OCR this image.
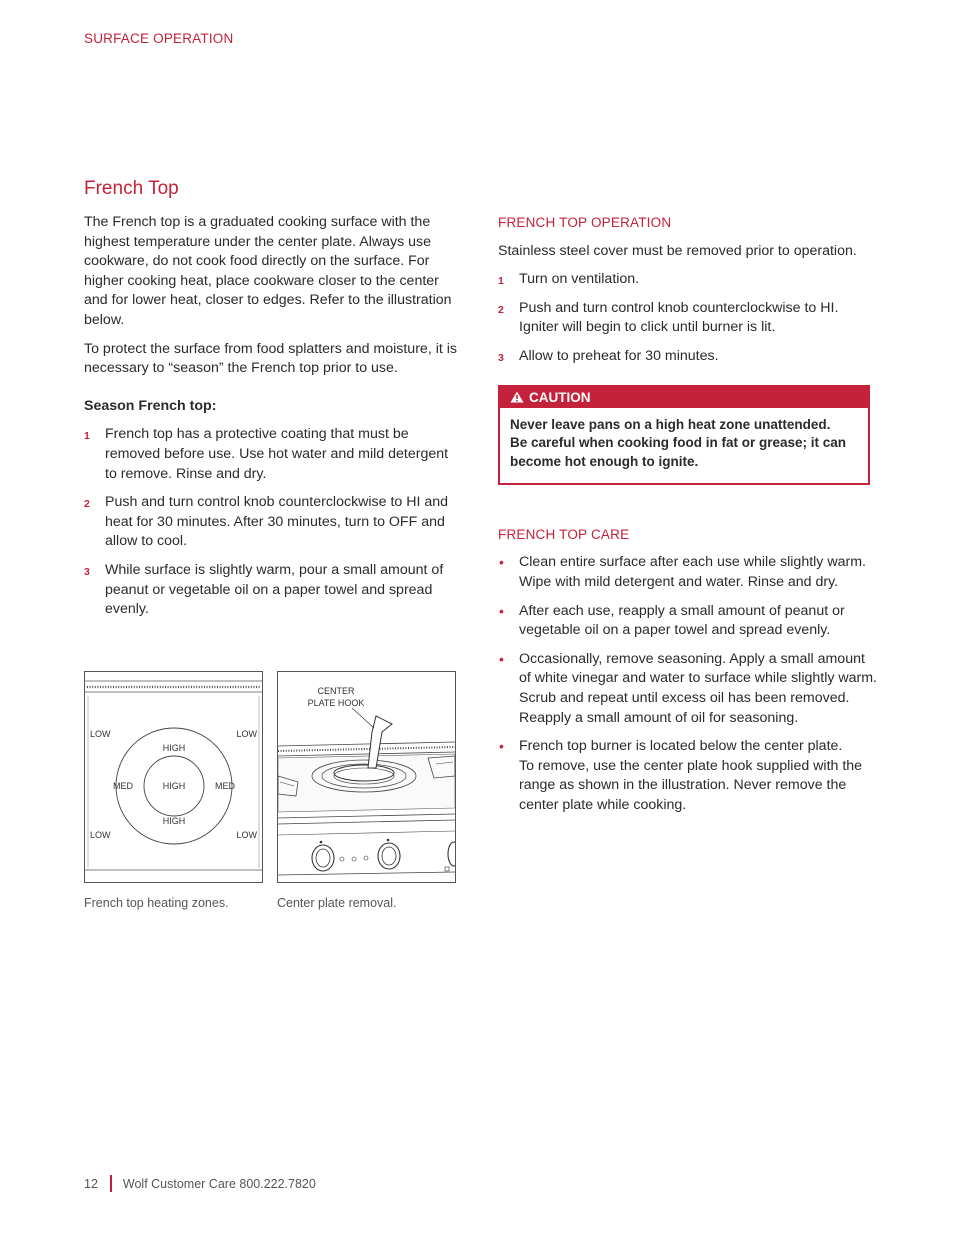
SURFACE OPERATION
French Top

The French top is a graduated cooking surface with the highest temperature under the center plate. Always use cookware, do not cook food directly on the surface. For higher cooking heat, place cookware closer to the center and for lower heat, closer to edges. Refer to the illustration below.

To protect the surface from food splatters and moisture, it is necessary to “season” the French top prior to use.

Season French top:

1 French top has a protective coating that must be removed before use. Use hot water and mild detergent to remove. Rinse and dry.
2 Push and turn control knob counterclockwise to HI and heat for 30 minutes. After 30 minutes, turn to OFF and allow to cool.
3 While surface is slightly warm, pour a small amount of peanut or vegetable oil on a paper towel and spread evenly.
FRENCH TOP OPERATION

Stainless steel cover must be removed prior to operation.

1 Turn on ventilation.
2 Push and turn control knob counterclockwise to HI.
Igniter will begin to click until burner is lit.
3 Allow to preheat for 30 minutes.
CAUTION
Never leave pans on a high heat zone unattended.
Be careful when cooking food in fat or grease; it can become hot enough to ignite.
FRENCH TOP CARE
• Clean entire surface after each use while slightly warm. Wipe with mild detergent and water. Rinse and dry.
• After each use, reapply a small amount of peanut or vegetable oil on a paper towel and spread evenly.
• Occasionally, remove seasoning. Apply a small amount of white vinegar and water to surface while slightly warm. Scrub and repeat until excess oil has been removed. Reapply a small amount of oil for seasoning.
• French top burner is located below the center plate.
To remove, use the center plate hook supplied with the range as shown in the illustration. Never remove the center plate while cooking.
LOW	LOW
LOW	LOW
MED	MED
HIGH
HIGH
HIGH
French top heating zones.
CENTER
PLATE HOOK
Center plate removal.
12 Wolf Customer Care 800.222.7820
